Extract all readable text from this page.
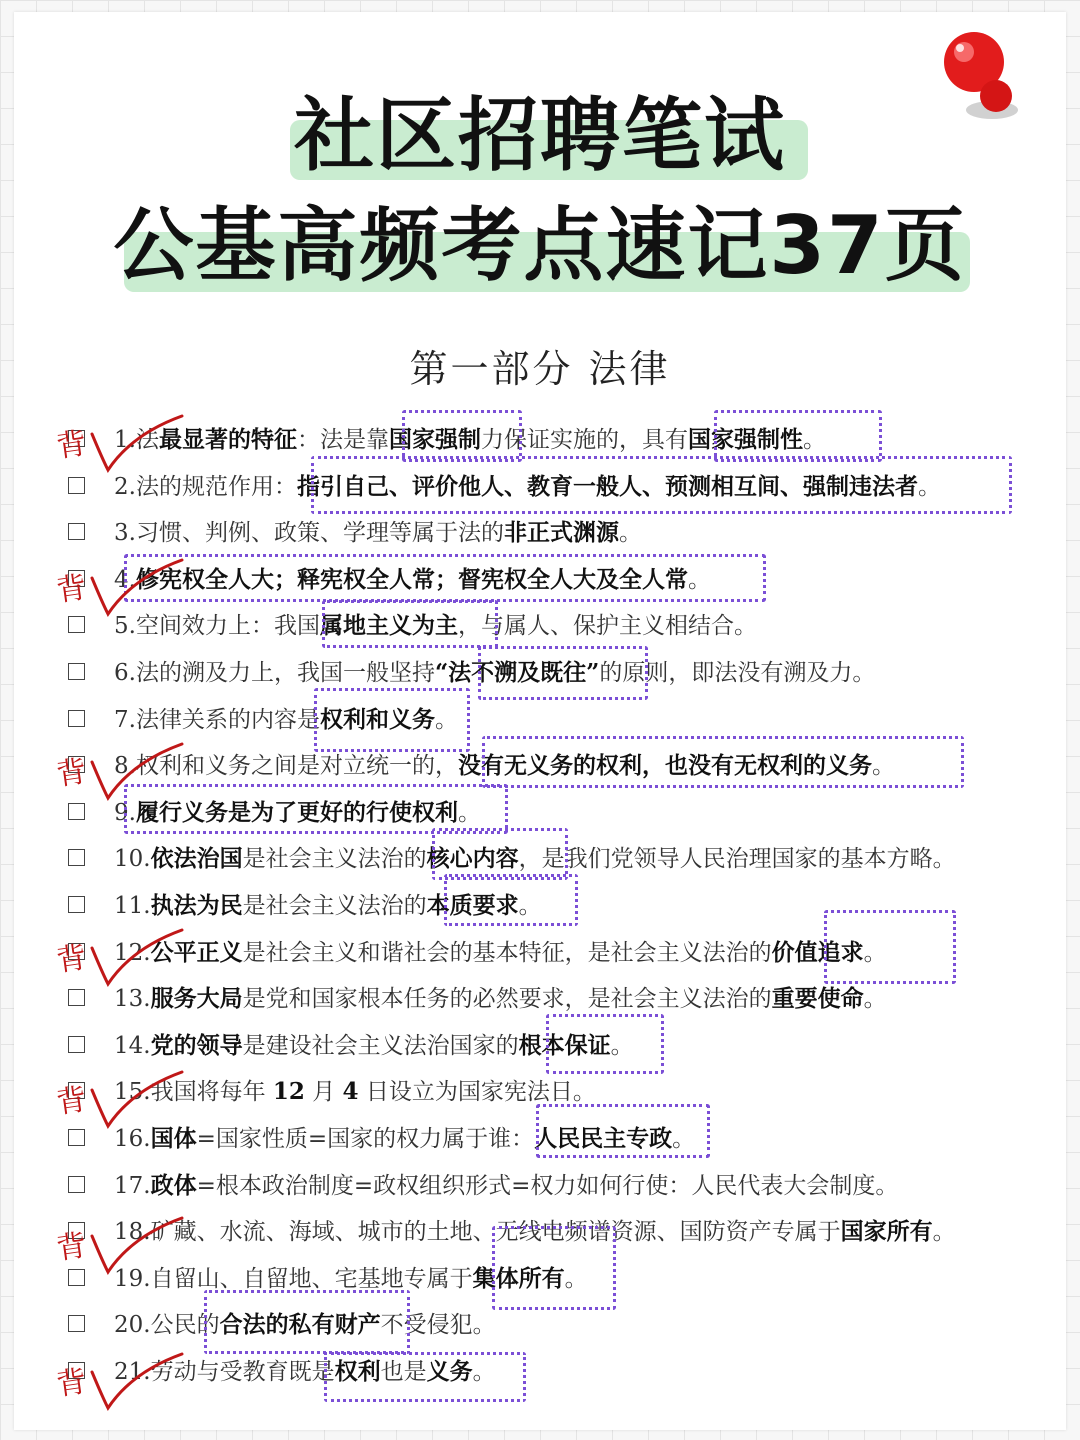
社区招聘笔试
公基高频考点速记37页
第一部分 法律
1.法最显著的特征：法是靠国家强制力保证实施的，具有国家强制性。
2.法的规范作用：指引自己、评价他人、教育一般人、预测相互间、强制违法者。
3.习惯、判例、政策、学理等属于法的非正式渊源。
4.修宪权全人大；释宪权全人常；督宪权全人大及全人常。
5.空间效力上：我国属地主义为主，与属人、保护主义相结合。
6.法的溯及力上，我国一般坚持“法不溯及既往”的原则，即法没有溯及力。
7.法律关系的内容是权利和义务。
8.权利和义务之间是对立统一的，没有无义务的权利，也没有无权利的义务。
9.履行义务是为了更好的行使权利。
10.依法治国是社会主义法治的核心内容，是我们党领导人民治理国家的基本方略。
11.执法为民是社会主义法治的本质要求。
12.公平正义是社会主义和谐社会的基本特征，是社会主义法治的价值追求。
13.服务大局是党和国家根本任务的必然要求，是社会主义法治的重要使命。
14.党的领导是建设社会主义法治国家的根本保证。
15.我国将每年 12 月 4 日设立为国家宪法日。
16.国体=国家性质=国家的权力属于谁：人民民主专政。
17.政体=根本政治制度=政权组织形式=权力如何行使：人民代表大会制度。
18.矿藏、水流、海域、城市的土地、无线电频谱资源、国防资产专属于国家所有。
19.自留山、自留地、宅基地专属于集体所有。
20.公民的合法的私有财产不受侵犯。
21.劳动与受教育既是权利也是义务。
背
背
背
背
背
背
背
